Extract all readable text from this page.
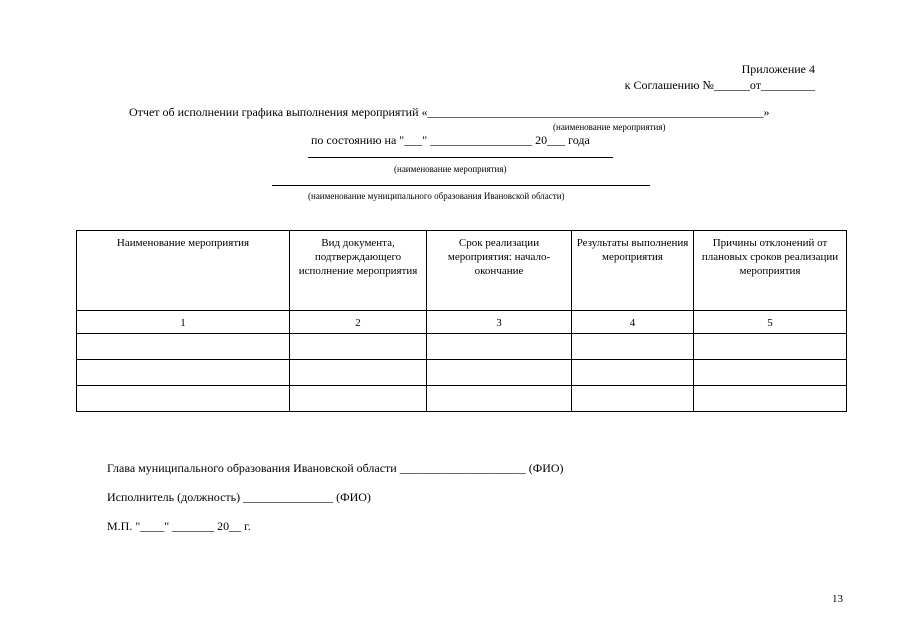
Приложение 4
к Соглашению №______от_________
Отчет об исполнении графика выполнения мероприятий «________________________________________________________»
(наименование мероприятия)
по состоянию на "___" _________________ 20___ года
(наименование мероприятия)
(наименование муниципального образования Ивановской области)
Наименование мероприятия	Вид документа, подтверждающего исполнение мероприятия	Срок реализации мероприятия: начало-окончание	Результаты выполнения мероприятия	Причины отклонений от плановых сроков реализации мероприятия
1	2	3	4	5

Глава муниципального образования Ивановской области _____________________ (ФИО)
Исполнитель (должность) _______________ (ФИО)
М.П. "____" _______ 20__ г.
13
